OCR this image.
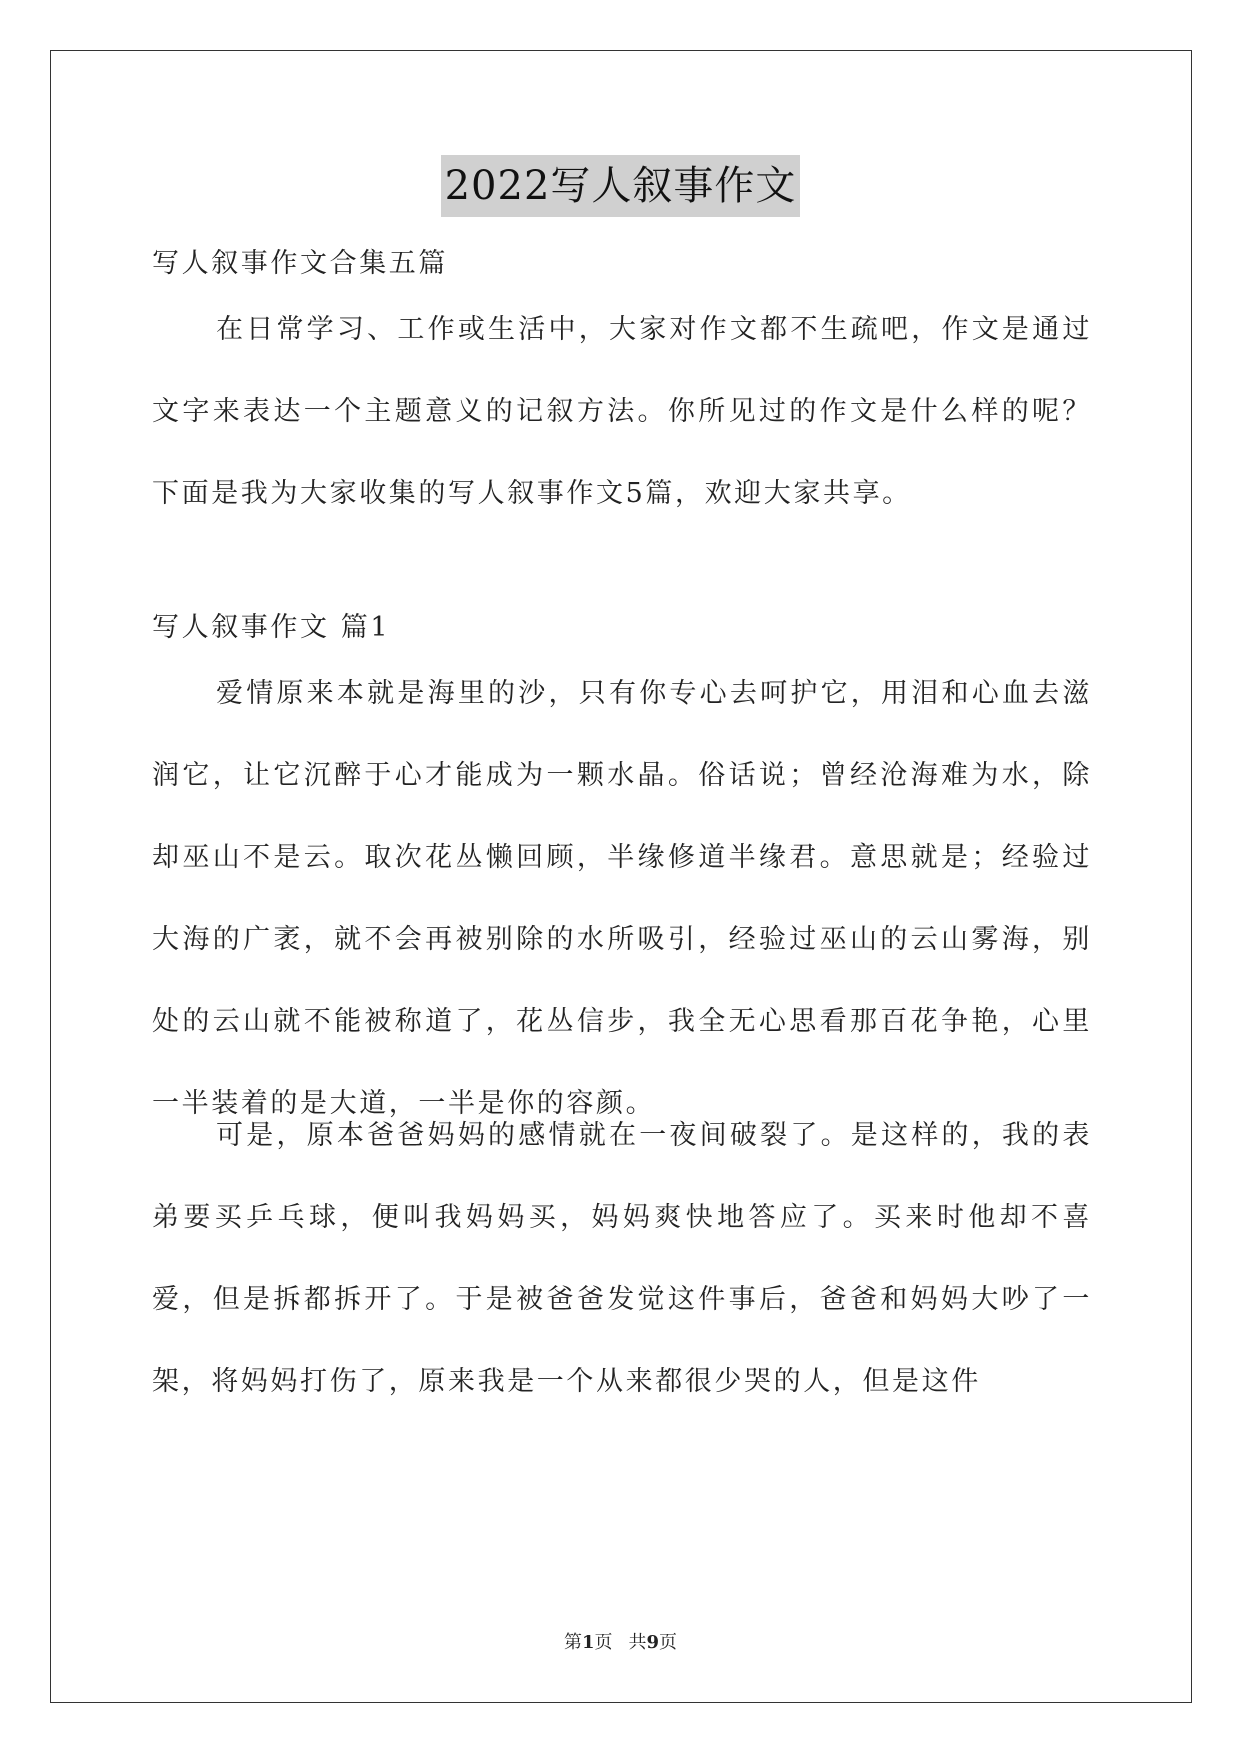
2022写人叙事作文
写人叙事作文合集五篇
在日常学习、工作或生活中，大家对作文都不生疏吧，作文是通过文字来表达一个主题意义的记叙方法。你所见过的作文是什么样的呢？下面是我为大家收集的写人叙事作文5篇，欢迎大家共享。
写人叙事作文 篇1
爱情原来本就是海里的沙，只有你专心去呵护它，用泪和心血去滋润它，让它沉醉于心才能成为一颗水晶。俗话说；曾经沧海难为水，除却巫山不是云。取次花丛懒回顾，半缘修道半缘君。意思就是；经验过大海的广袤，就不会再被别除的水所吸引，经验过巫山的云山雾海，别处的云山就不能被称道了，花丛信步，我全无心思看那百花争艳，心里一半装着的是大道，一半是你的容颜。
可是，原本爸爸妈妈的感情就在一夜间破裂了。是这样的，我的表弟要买乒乓球，便叫我妈妈买，妈妈爽快地答应了。买来时他却不喜爱，但是拆都拆开了。于是被爸爸发觉这件事后，爸爸和妈妈大吵了一架，将妈妈打伤了，原来我是一个从来都很少哭的人，但是这件
第1页 共9页
